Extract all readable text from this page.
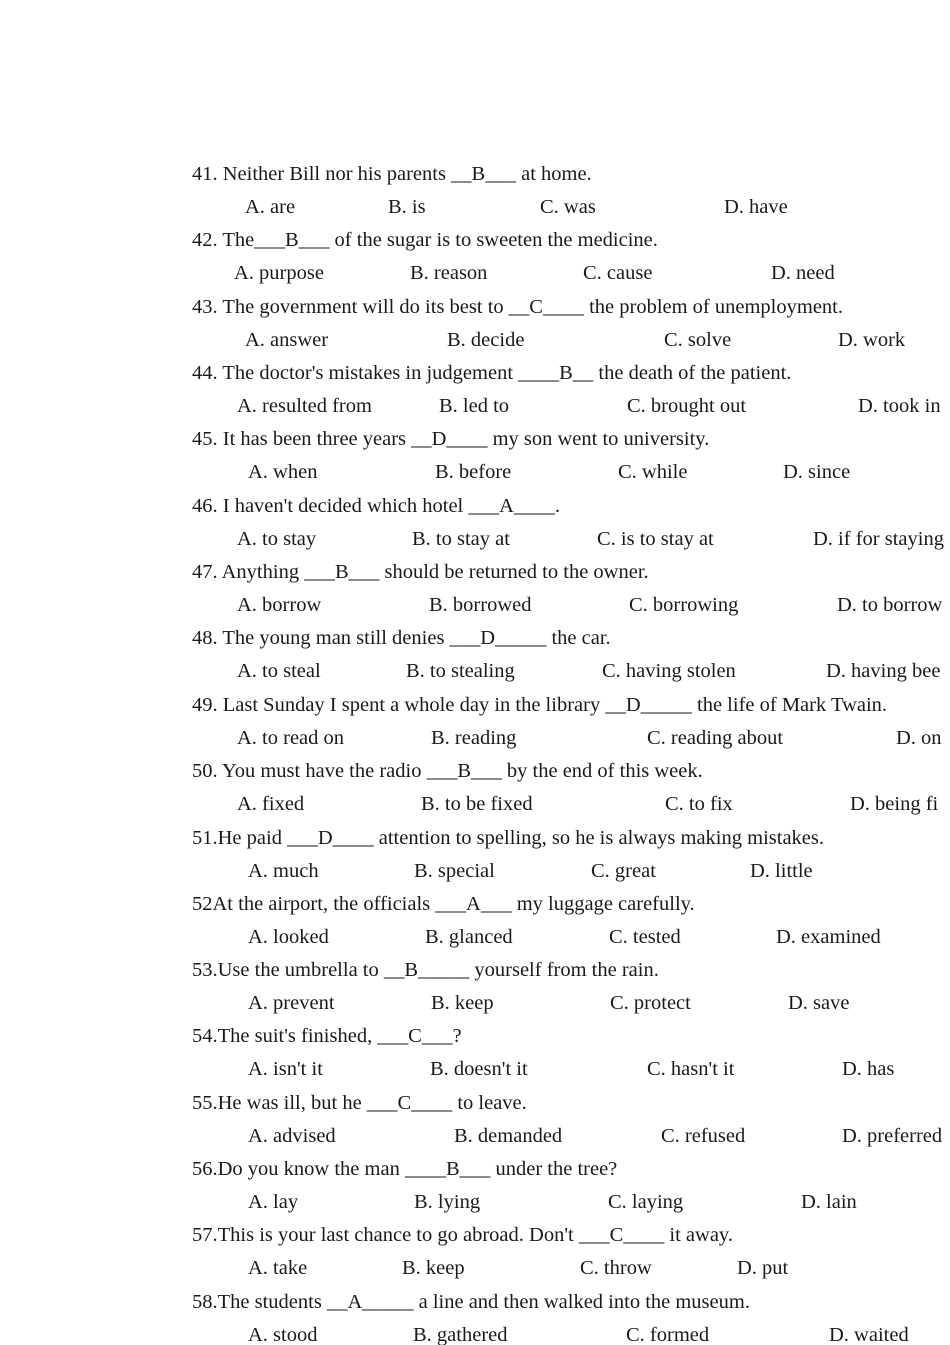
41. Neither Bill nor his parents __B___ at home.
A. are	B. is	C. was	D. have
42. The___B___ of the sugar is to sweeten the medicine.
A. purpose	B. reason	C. cause	D. need
43. The government will do its best to __C____ the problem of unemployment.
A. answer	B. decide	C. solve	D. work
44. The doctor's mistakes in judgement ____B__ the death of the patient.
A. resulted from	B. led to	C. brought out	D. took in
45. It has been three years __D____ my son went to university.
A. when	B. before	C. while	D. since
46. I haven't decided which hotel ___A____.
A. to stay	B. to stay at	C. is to stay at	D. if for staying
47. Anything ___B___ should be returned to the owner.
A. borrow	B. borrowed	C. borrowing	D. to borrow
48. The young man still denies ___D_____ the car.
A. to steal	B. to stealing	C. having stolen	D. having bee
49. Last Sunday I spent a whole day in the library __D_____ the life of Mark Twain.
A. to read on	B. reading	C. reading about	D. on
50. You must have the radio ___B___ by the end of this week.
A. fixed	B. to be fixed	C. to fix	D. being fi
51.He paid ___D____ attention to spelling, so he is always making mistakes.
A. much	B. special	C. great	D. little
52At the airport, the officials ___A___ my luggage carefully.
A. looked	B. glanced	C. tested	D. examined
53.Use the umbrella to __B_____ yourself from the rain.
A. prevent	B. keep	C. protect	D. save
54.The suit's finished, ___C___?
A. isn't it	B. doesn't it	C. hasn't it	D. has
55.He was ill, but he ___C____ to leave.
A. advised	B. demanded	C. refused	D. preferred
56.Do you know the man ____B___ under the tree?
A. lay	B. lying	C. laying	D. lain
57.This is your last chance to go abroad. Don't ___C____ it away.
A. take	B. keep	C. throw	D. put
58.The students __A_____ a line and then walked into the museum.
A. stood	B. gathered	C. formed	D. waited
